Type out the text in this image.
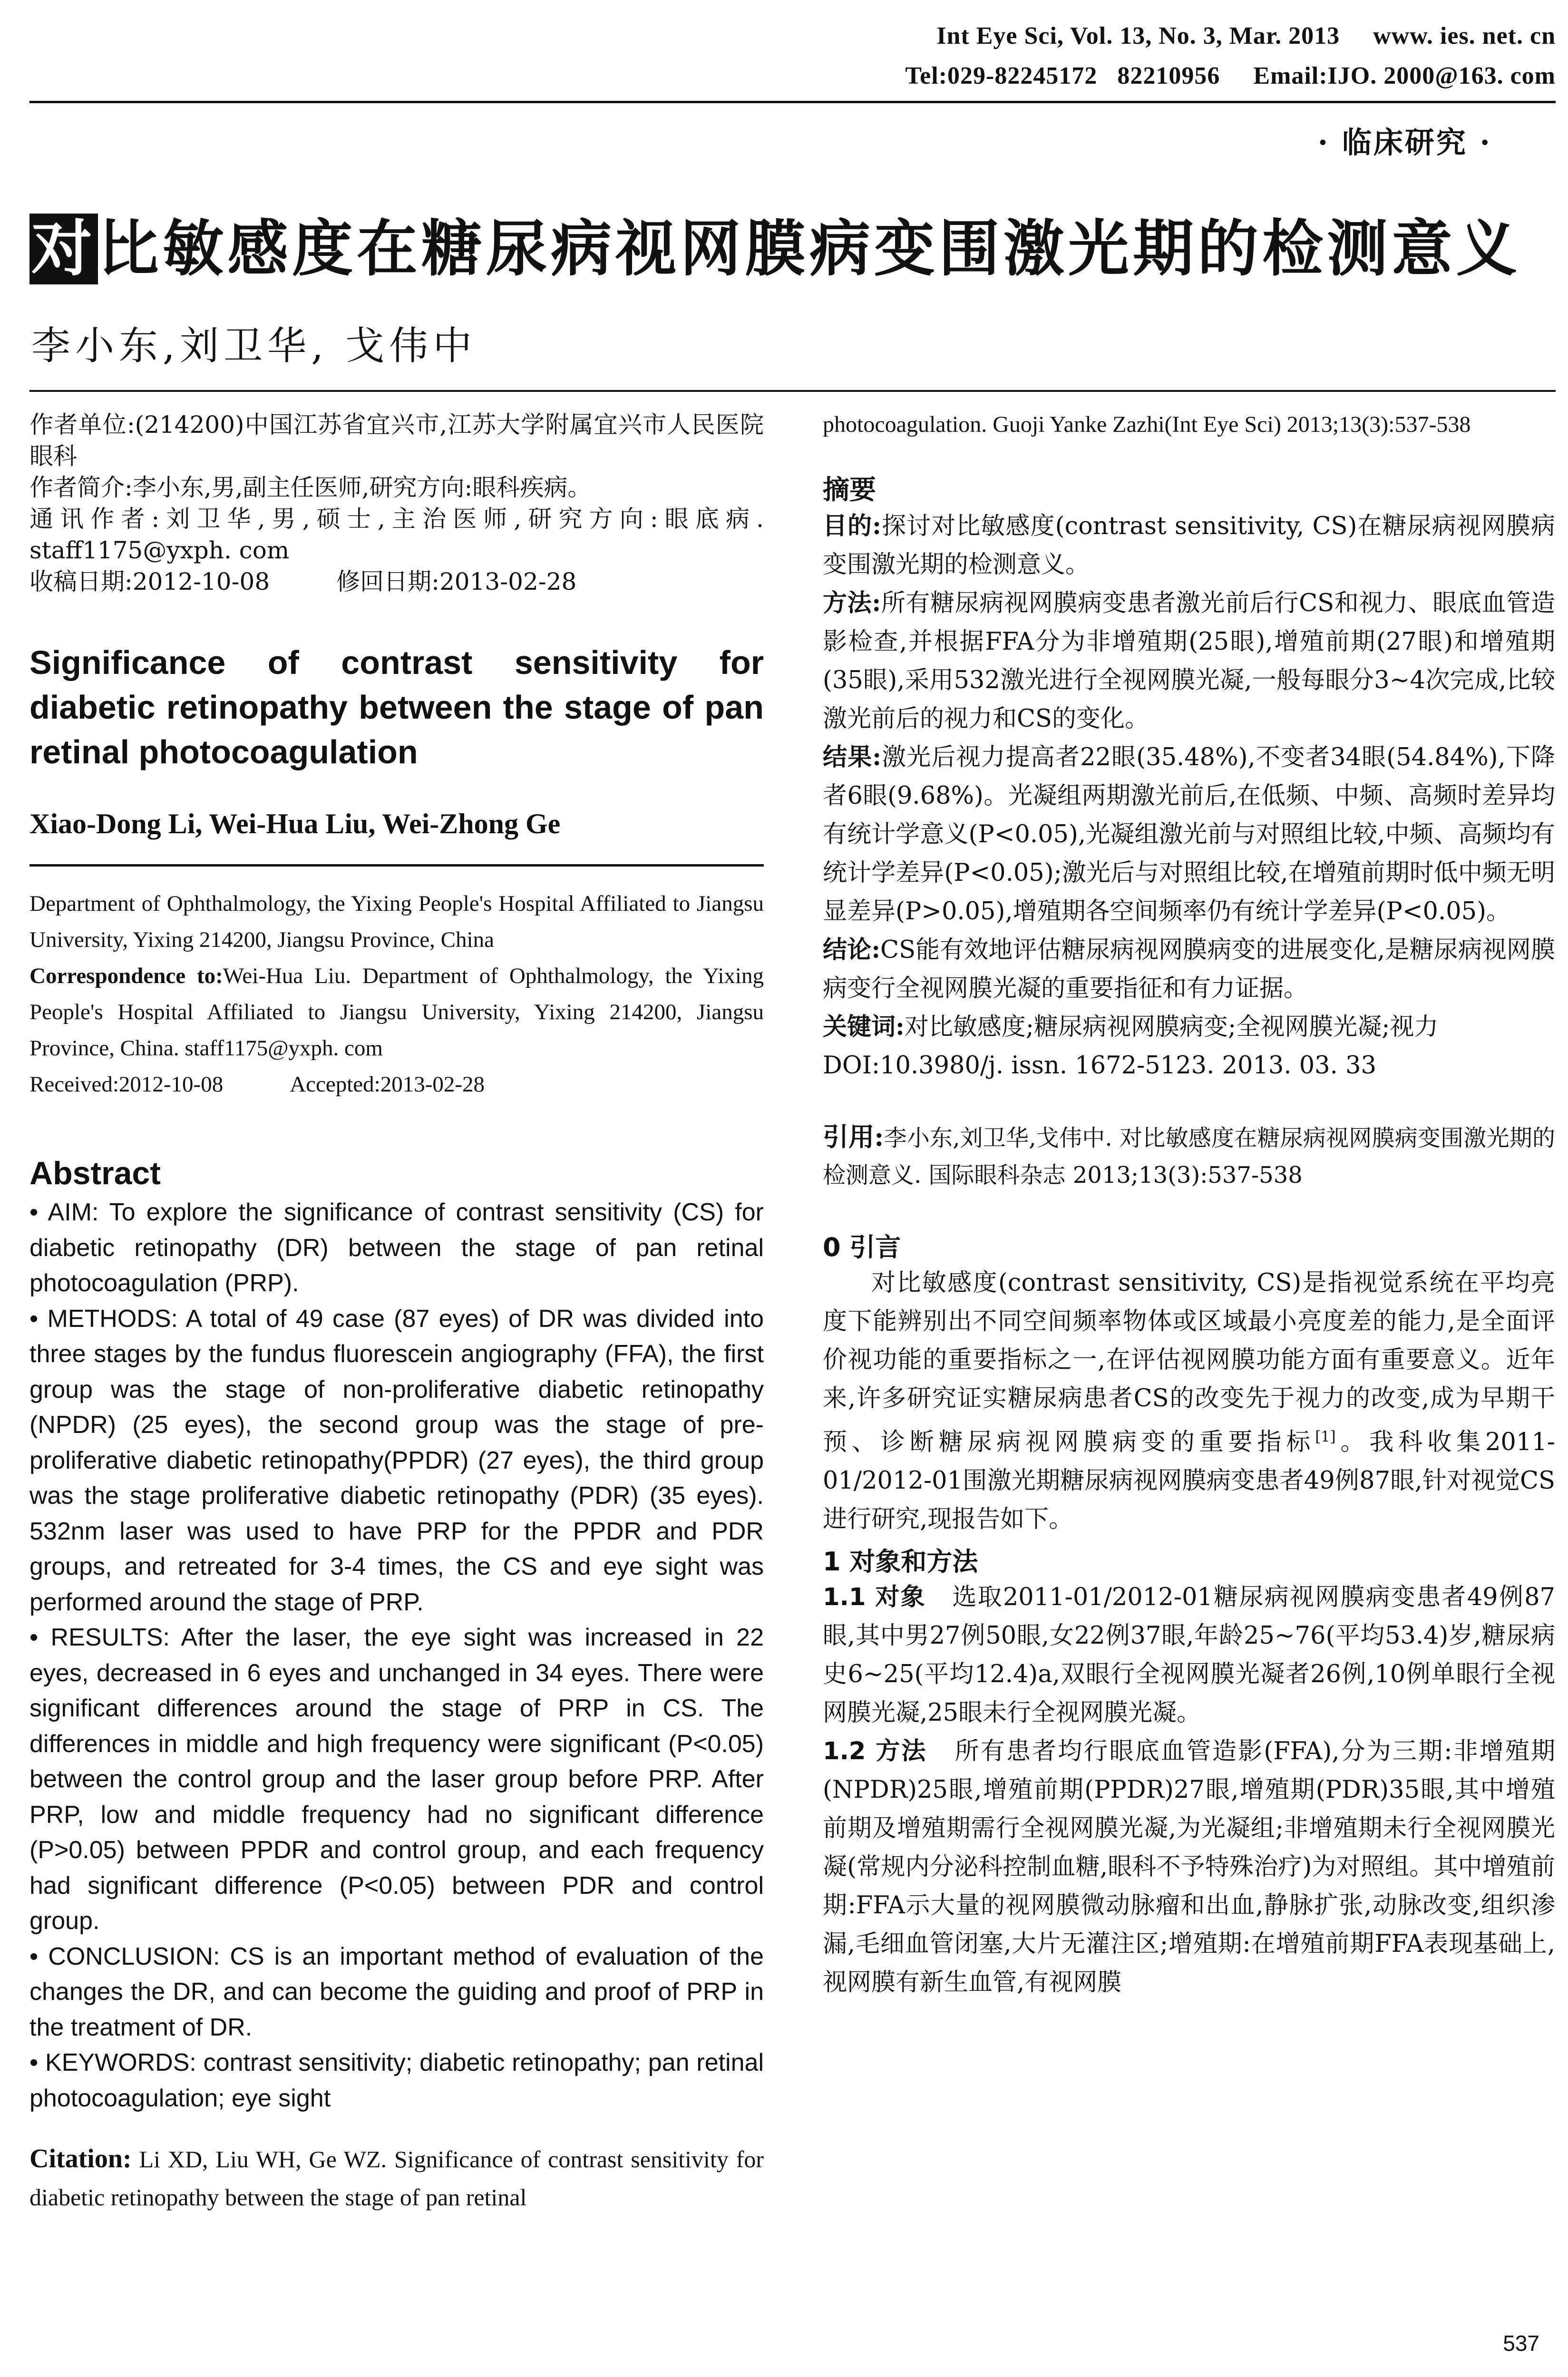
Int Eye Sci, Vol. 13, No. 3, Mar. 2013     www. ies. net. cn
Tel:029-82245172   82210956     Email:IJO. 2000@163. com
· 临床研究 ·
对比敏感度在糖尿病视网膜病变围激光期的检测意义
李小东,刘卫华, 戈伟中

作者单位:(214200)中国江苏省宜兴市,江苏大学附属宜兴市人民医院眼科

作者简介:李小东,男,副主任医师,研究方向:眼科疾病。

通讯作者:刘卫华,男,硕士,主治医师,研究方向:眼底病. staff1175@yxph. com

收稿日期:2012-10-08	修回日期:2013-02-28

Significance of contrast sensitivity for diabetic retinopathy between the stage of pan retinal photocoagulation
Xiao-Dong Li, Wei-Hua Liu, Wei-Zhong Ge

Department of Ophthalmology, the Yixing People's Hospital Affiliated to Jiangsu University, Yixing 214200, Jiangsu Province, China

Correspondence to:Wei-Hua Liu. Department of Ophthalmology, the Yixing People's Hospital Affiliated to Jiangsu University, Yixing 214200, Jiangsu Province, China. staff1175@yxph. com

Received:2012-10-08	Accepted:2013-02-28

Abstract

• AIM: To explore the significance of contrast sensitivity (CS) for diabetic retinopathy (DR) between the stage of pan retinal photocoagulation (PRP).

• METHODS: A total of 49 case (87 eyes) of DR was divided into three stages by the fundus fluorescein angiography (FFA), the first group was the stage of non-proliferative diabetic retinopathy (NPDR) (25 eyes), the second group was the stage of pre-proliferative diabetic retinopathy(PPDR) (27 eyes), the third group was the stage proliferative diabetic retinopathy (PDR) (35 eyes). 532nm laser was used to have PRP for the PPDR and PDR groups, and retreated for 3-4 times, the CS and eye sight was performed around the stage of PRP.

• RESULTS: After the laser, the eye sight was increased in 22 eyes, decreased in 6 eyes and unchanged in 34 eyes. There were significant differences around the stage of PRP in CS. The differences in middle and high frequency were significant (P<0.05) between the control group and the laser group before PRP. After PRP, low and middle frequency had no significant difference (P>0.05) between PPDR and control group, and each frequency had significant difference (P<0.05) between PDR and control group.

• CONCLUSION: CS is an important method of evaluation of the changes the DR, and can become the guiding and proof of PRP in the treatment of DR.

• KEYWORDS: contrast sensitivity; diabetic retinopathy; pan retinal photocoagulation; eye sight

Citation: Li XD, Liu WH, Ge WZ. Significance of contrast sensitivity for diabetic retinopathy between the stage of pan retinal
photocoagulation. Guoji Yanke Zazhi(Int Eye Sci) 2013;13(3):537-538
摘要

目的:探讨对比敏感度(contrast sensitivity, CS)在糖尿病视网膜病变围激光期的检测意义。

方法:所有糖尿病视网膜病变患者激光前后行CS和视力、眼底血管造影检查,并根据FFA分为非增殖期(25眼),增殖前期(27眼)和增殖期(35眼),采用532激光进行全视网膜光凝,一般每眼分3~4次完成,比较激光前后的视力和CS的变化。

结果:激光后视力提高者22眼(35.48%),不变者34眼(54.84%),下降者6眼(9.68%)。光凝组两期激光前后,在低频、中频、高频时差异均有统计学意义(P<0.05),光凝组激光前与对照组比较,中频、高频均有统计学差异(P<0.05);激光后与对照组比较,在增殖前期时低中频无明显差异(P>0.05),增殖期各空间频率仍有统计学差异(P<0.05)。

结论:CS能有效地评估糖尿病视网膜病变的进展变化,是糖尿病视网膜病变行全视网膜光凝的重要指征和有力证据。

关键词:对比敏感度;糖尿病视网膜病变;全视网膜光凝;视力

DOI:10.3980/j. issn. 1672-5123. 2013. 03. 33

引用:李小东,刘卫华,戈伟中. 对比敏感度在糖尿病视网膜病变围激光期的检测意义. 国际眼科杂志 2013;13(3):537-538
0 引言

对比敏感度(contrast sensitivity, CS)是指视觉系统在平均亮度下能辨别出不同空间频率物体或区域最小亮度差的能力,是全面评价视功能的重要指标之一,在评估视网膜功能方面有重要意义。近年来,许多研究证实糖尿病患者CS的改变先于视力的改变,成为早期干预、诊断糖尿病视网膜病变的重要指标[1]。我科收集2011-01/2012-01围激光期糖尿病视网膜病变患者49例87眼,针对视觉CS进行研究,现报告如下。

1 对象和方法

1.1 对象 选取2011-01/2012-01糖尿病视网膜病变患者49例87眼,其中男27例50眼,女22例37眼,年龄25~76(平均53.4)岁,糖尿病史6~25(平均12.4)a,双眼行全视网膜光凝者26例,10例单眼行全视网膜光凝,25眼未行全视网膜光凝。

1.2 方法 所有患者均行眼底血管造影(FFA),分为三期:非增殖期(NPDR)25眼,增殖前期(PPDR)27眼,增殖期(PDR)35眼,其中增殖前期及增殖期需行全视网膜光凝,为光凝组;非增殖期未行全视网膜光凝(常规内分泌科控制血糖,眼科不予特殊治疗)为对照组。其中增殖前期:FFA示大量的视网膜微动脉瘤和出血,静脉扩张,动脉改变,组织渗漏,毛细血管闭塞,大片无灌注区;增殖期:在增殖前期FFA表现基础上,视网膜有新生血管,有视网膜

537
